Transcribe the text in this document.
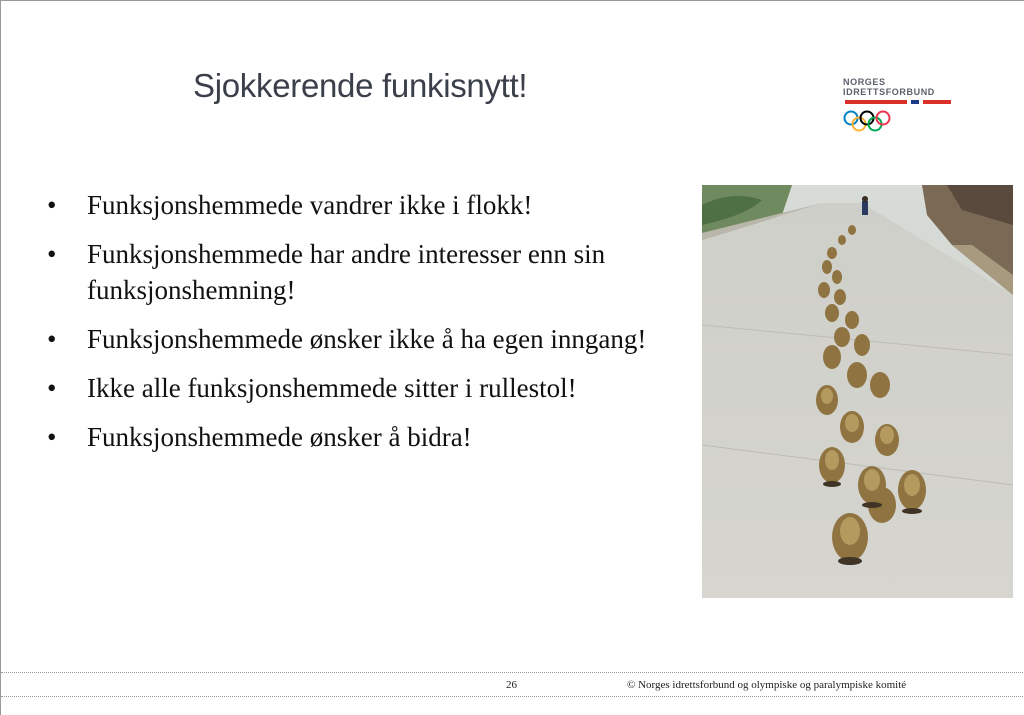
Sjokkerende funkisnytt!	NORGES
IDRETTSFORBUND
•	Funksjonshemmede vandrer ikke i flokk!
•	Funksjonshemmede har andre interesser enn sin funksjonshemning!
•	Funksjonshemmede ønsker ikke å ha egen inngang!
•	Ikke alle funksjonshemmede sitter i rullestol!
•	Funksjonshemmede ønsker å bidra!
26	© Norges idrettsforbund og olympiske og paralympiske komité
